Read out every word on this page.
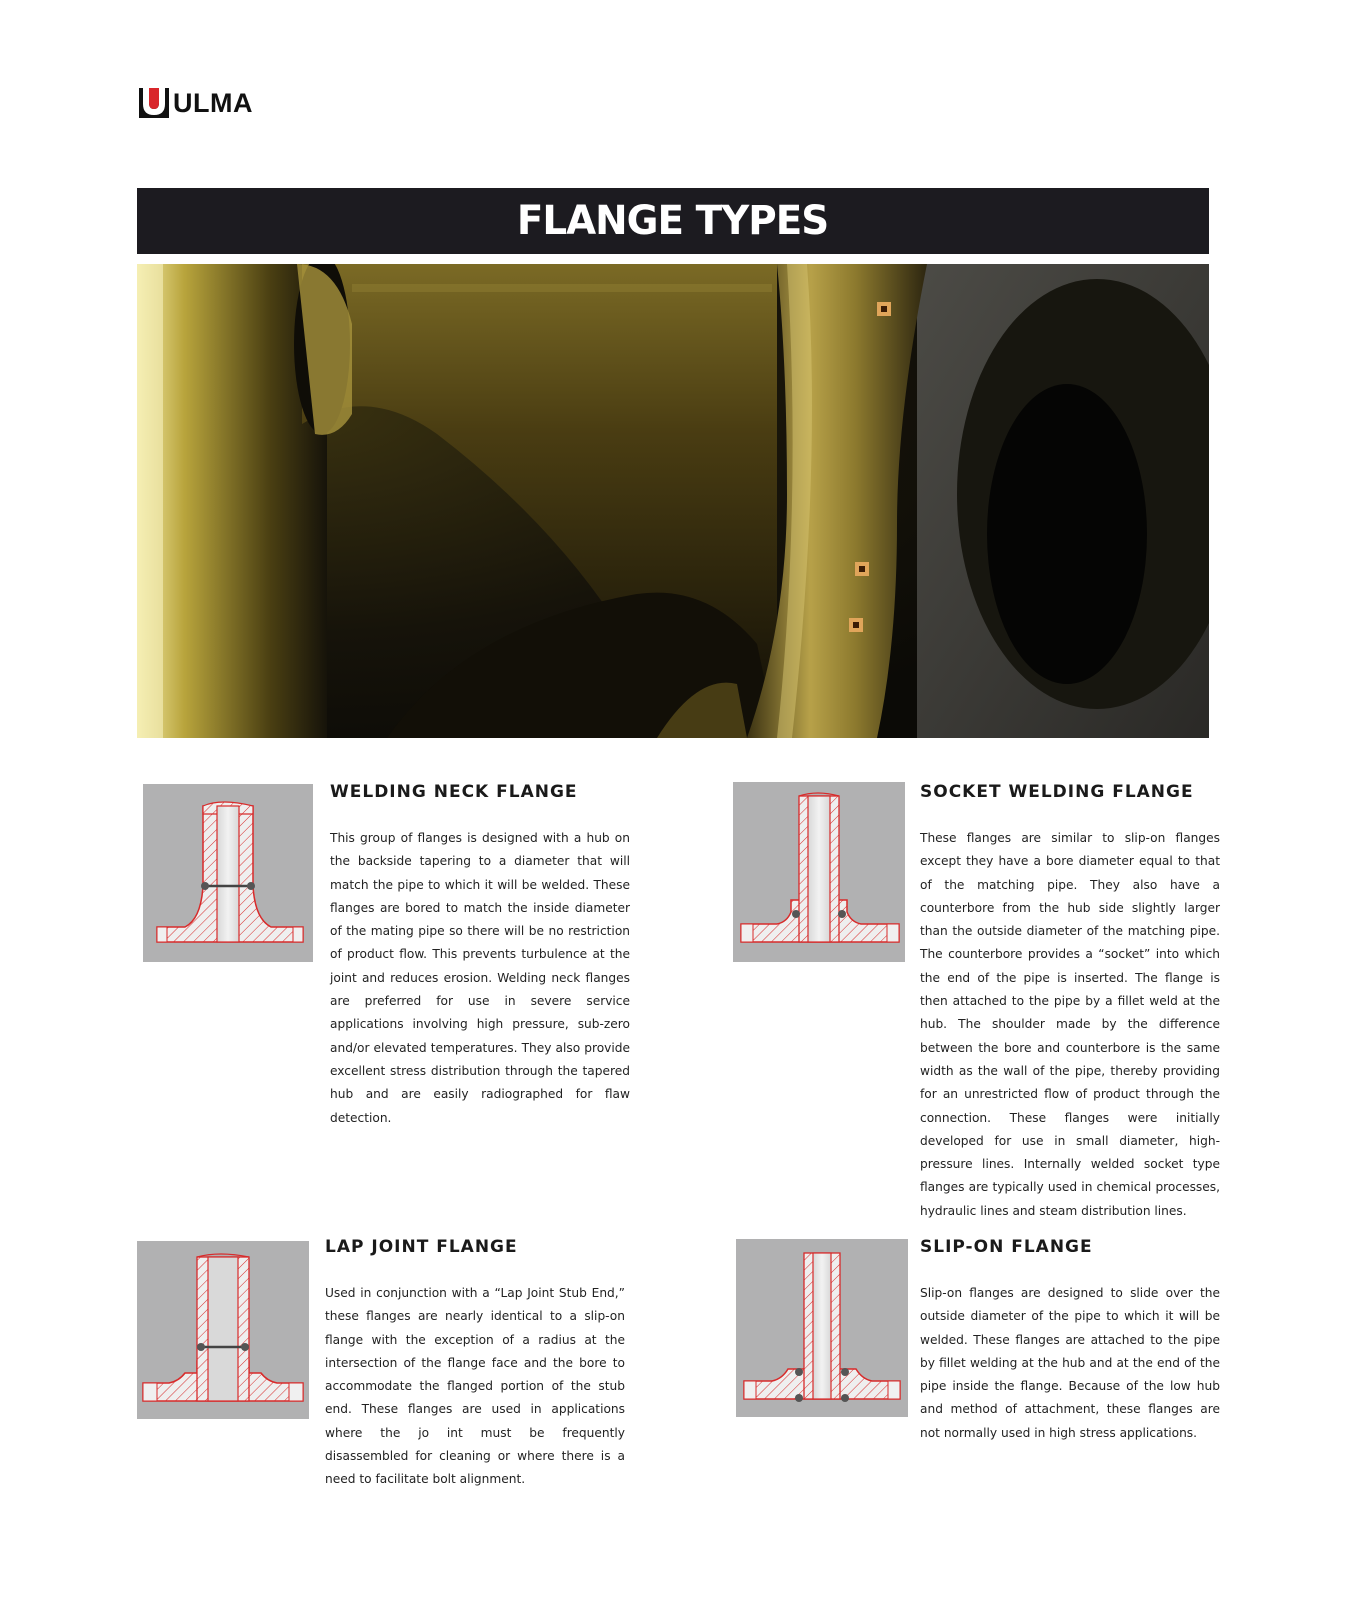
ULMA
FLANGE TYPES
WELDING NECK FLANGE

This group of flanges is designed with a hub on the backside tapering to a diameter that will match the pipe to which it will be welded. These flanges are bored to match the inside diameter of the mating pipe so there will be no restriction of product flow. This prevents turbulence at the joint and reduces erosion. Welding neck flanges are preferred for use in severe service applications involving high pressure, sub-zero and/or elevated temperatures. They also provide excellent stress distribution through the tapered hub and are easily radiographed for flaw detection.

SOCKET WELDING FLANGE

These flanges are similar to slip-on flanges except they have a bore diameter equal to that of the matching pipe. They also have a counterbore from the hub side slightly larger than the outside diameter of the matching pipe. The counterbore provides a “socket” into which the end of the pipe is inserted. The flange is then attached to the pipe by a fillet weld at the hub. The shoulder made by the difference between the bore and counterbore is the same width as the wall of the pipe, thereby providing for an unrestricted flow of product through the connection. These flanges were initially developed for use in small diameter, high- pressure lines. Internally welded socket type flanges are typically used in chemical processes, hydraulic lines and steam distribution lines.

LAP JOINT FLANGE

Used in conjunction with a “Lap Joint Stub End,” these flanges are nearly identical to a slip-on flange with the exception of a radius at the intersection of the flange face and the bore to accommodate the flanged portion of the stub end. These flanges are used in applications where the jo int must be frequently disassembled for cleaning or where there is a need to facilitate bolt alignment.

SLIP-ON FLANGE

Slip-on flanges are designed to slide over the outside diameter of the pipe to which it will be welded. These flanges are attached to the pipe by fillet welding at the hub and at the end of the pipe inside the flange. Because of the low hub and method of attachment, these flanges are not normally used in high stress applications.
